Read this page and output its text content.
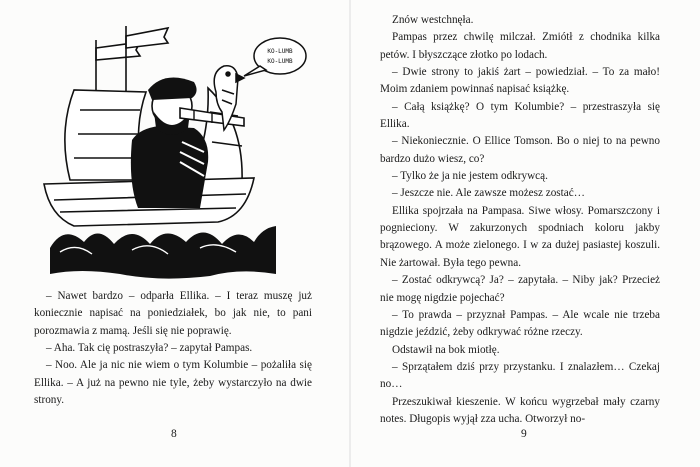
KO-LUMB
KO-LUMB

– Nawet bardzo – odparła Ellika. – I teraz muszę już koniecznie napisać na poniedziałek, bo jak nie, to pani porozmawia z mamą. Jeśli się nie poprawię.

– Aha. Tak cię postraszyła? – zapytał Pampas.

– Noo. Ale ja nic nie wiem o tym Kolumbie – pożaliła się Ellika. – A już na pewno nie tyle, żeby wystarczyło na dwie strony.

8	9

Znów westchnęła.

Pampas przez chwilę milczał. Zmiótł z chodnika kilka petów. I błyszczące złotko po lodach.

– Dwie strony to jakiś żart – powiedział. – To za mało! Moim zdaniem powinnaś napisać książkę.

– Całą książkę? O tym Kolumbie? – przestraszyła się Ellika.

– Niekoniecznie. O Ellice Tomson. Bo o niej to na pewno bardzo dużo wiesz, co?

– Tylko że ja nie jestem odkrywcą.

– Jeszcze nie. Ale zawsze możesz zostać…

Ellika spojrzała na Pampasa. Siwe włosy. Pomarszczony i pognieciony. W zakurzonych spodniach koloru jakby brązowego. A może zielonego. I w za dużej pasiastej koszuli. Nie żartował. Była tego pewna.

– Zostać odkrywcą? Ja? – zapytała. – Niby jak? Przecież nie mogę nigdzie pojechać?

– To prawda – przyznał Pampas. – Ale wcale nie trzeba nigdzie jeździć, żeby odkrywać różne rzeczy.

Odstawił na bok miotłę.

– Sprzątałem dziś przy przystanku. I znalazłem… Czekaj no…

Przeszukiwał kieszenie. W końcu wygrzebał mały czarny notes. Długopis wyjął zza ucha. Otworzył no-
